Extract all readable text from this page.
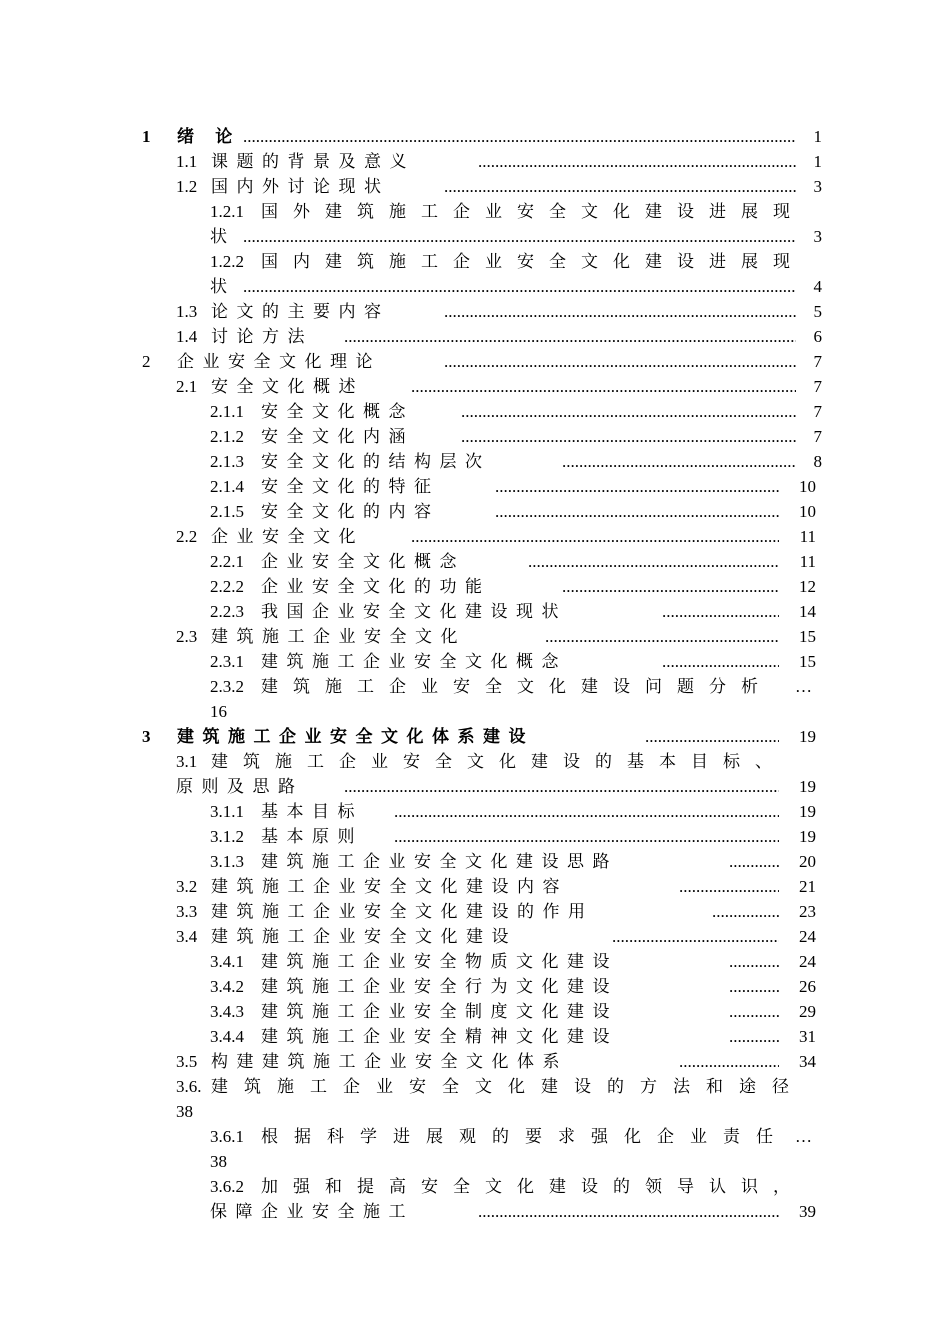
1 绪 论 .....	1
1.1 课题的背景及意义 .....	1
1.2 国内外讨论现状 .....	3
1.2.1 国外建筑施工企业安全文化建设进展现
状 .....	3
1.2.2 国内建筑施工企业安全文化建设进展现
状 .....	4
1.3 论文的主要内容 .....	5
1.4 讨论方法 .....	6
2 企业安全文化理论 .....	7
2.1 安全文化概述 .....	7
2.1.1 安全文化概念 .....	7
2.1.2 安全文化内涵 .....	7
2.1.3 安全文化的结构层次 .....	8
2.1.4 安全文化的特征 .....	10
2.1.5 安全文化的内容 .....	10
2.2 企业安全文化 .....	11
2.2.1 企业安全文化概念 .....	11
2.2.2 企业安全文化的功能 .....	12
2.2.3 我国企业安全文化建设现状 .....	14
2.3 建筑施工企业安全文化 .....	15
2.3.1 建筑施工企业安全文化概念 .....	15
2.3.2 建筑施工企业安全文化建设问题分析 …
16
3 建筑施工企业安全文化体系建设 .....	19
3.1 建筑施工企业安全文化建设的基本目标、
原则及思路 .....	19
3.1.1 基本目标 .....	19
3.1.2 基本原则 .....	19
3.1.3 建筑施工企业安全文化建设思路 .....	20
3.2 建筑施工企业安全文化建设内容 .....	21
3.3 建筑施工企业安全文化建设的作用 .....	23
3.4 建筑施工企业安全文化建设 .....	24
3.4.1 建筑施工企业安全物质文化建设 .....	24
3.4.2 建筑施工企业安全行为文化建设 .....	26
3.4.3 建筑施工企业安全制度文化建设 .....	29
3.4.4 建筑施工企业安全精神文化建设 .....	31
3.5 构建建筑施工企业安全文化体系 .....	34
3.6. 建筑施工企业安全文化建设的方法和途径
38
3.6.1 根据科学进展观的要求强化企业责任 …
38
3.6.2 加强和提高安全文化建设的领导认识，
保障企业安全施工 .....	39
